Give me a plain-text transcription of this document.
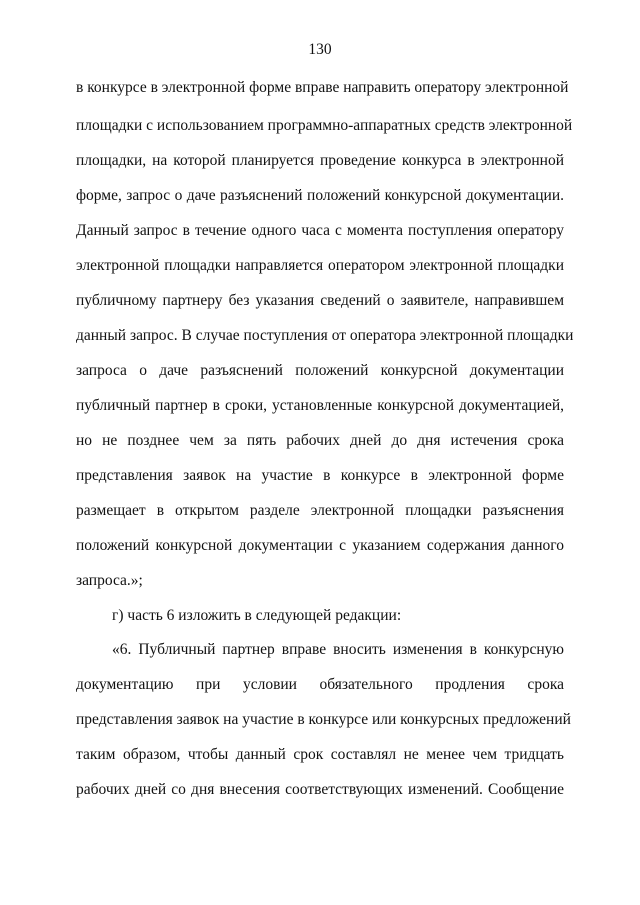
130
в конкурсе в электронной форме вправе направить оператору электронной
площадки с использованием программно-аппаратных средств электронной
площадки, на которой планируется проведение конкурса в электронной
форме, запрос о даче разъяснений положений конкурсной документации.
Данный запрос в течение одного часа с момента поступления оператору
электронной площадки направляется оператором электронной площадки
публичному партнеру без указания сведений о заявителе, направившем
данный запрос. В случае поступления от оператора электронной площадки
запроса о даче разъяснений положений конкурсной документации
публичный партнер в сроки, установленные конкурсной документацией,
но не позднее чем за пять рабочих дней до дня истечения срока
представления заявок на участие в конкурсе в электронной форме
размещает в открытом разделе электронной площадки разъяснения
положений конкурсной документации с указанием содержания данного
запроса.»;
г) часть 6 изложить в следующей редакции:
«6. Публичный партнер вправе вносить изменения в конкурсную
документацию при условии обязательного продления срока
представления заявок на участие в конкурсе или конкурсных предложений
таким образом, чтобы данный срок составлял не менее чем тридцать
рабочих дней со дня внесения соответствующих изменений. Сообщение
